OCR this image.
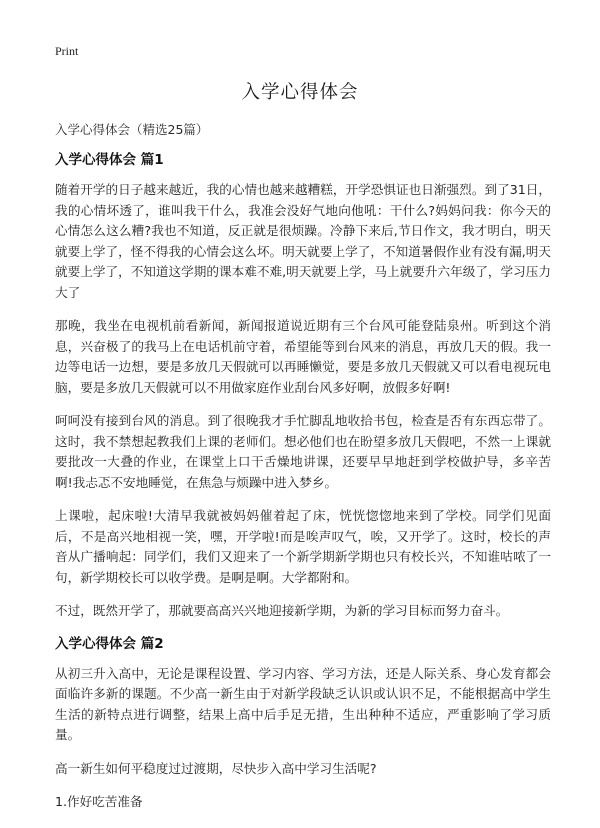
Print
入学心得体会
入学心得体会（精选25篇）
入学心得体会 篇1

随着开学的日子越来越近，我的心情也越来越糟糕，开学恐惧证也日渐强烈。到了31日，我的心情坏透了，谁叫我干什么，我准会没好气地向他吼：干什么?妈妈问我：你今天的心情怎么这么糟?我也不知道，反正就是很烦躁。冷静下来后,节日作文，我才明白，明天就要上学了，怪不得我的心情会这么坏。明天就要上学了，不知道暑假作业有没有漏,明天就要上学了，不知道这学期的课本难不难,明天就要上学，马上就要升六年级了，学习压力大了

那晚，我坐在电视机前看新闻，新闻报道说近期有三个台风可能登陆泉州。听到这个消息，兴奋极了的我马上在电话机前守着，希望能等到台风来的消息，再放几天的假。我一边等电话一边想，要是多放几天假就可以再睡懒觉，要是多放几天假就又可以看电视玩电脑，要是多放几天假就可以不用做家庭作业刮台风多好啊，放假多好啊!

呵呵没有接到台风的消息。到了很晚我才手忙脚乱地收拾书包，检查是否有东西忘带了。这时，我不禁想起教我们上课的老师们。想必他们也在盼望多放几天假吧，不然一上课就要批改一大叠的作业，在课堂上口干舌燥地讲课，还要早早地赶到学校做护导，多辛苦啊!我忐忑不安地睡觉，在焦急与烦躁中进入梦乡。

上课啦，起床啦!大清早我就被妈妈催着起了床，恍恍惚惚地来到了学校。同学们见面后，不是高兴地相视一笑，嘿，开学啦!而是唉声叹气，唉，又开学了。这时，校长的声音从广播响起：同学们，我们又迎来了一个新学期新学期也只有校长兴，不知谁咕哝了一句，新学期校长可以收学费。是啊是啊。大学都附和。

不过，既然开学了，那就要高高兴兴地迎接新学期，为新的学习目标而努力奋斗。

入学心得体会 篇2

从初三升入高中，无论是课程设置、学习内容、学习方法，还是人际关系、身心发育都会面临许多新的课题。不少高一新生由于对新学段缺乏认识或认识不足，不能根据高中学生生活的新特点进行调整，结果上高中后手足无措，生出种种不适应，严重影响了学习质量。

高一新生如何平稳度过过渡期，尽快步入高中学习生活呢?

1.作好吃苦准备
